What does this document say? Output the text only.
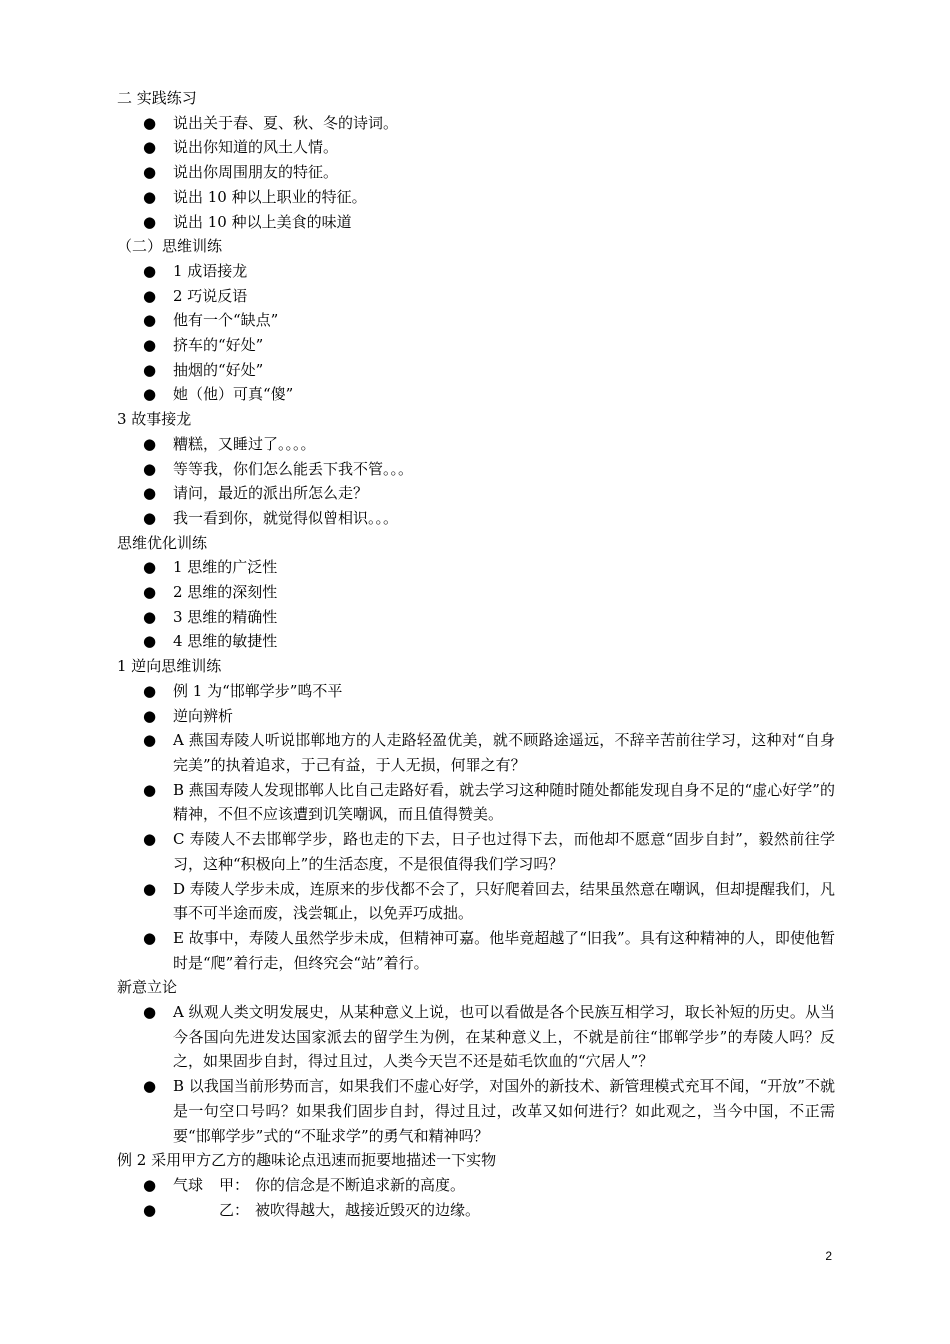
二 实践练习
●	说出关于春、夏、秋、冬的诗词。
●	说出你知道的风土人情。
●	说出你周围朋友的特征。
●	说出 10 种以上职业的特征。
●	说出 10 种以上美食的味道
（二）思维训练
●	1 成语接龙
●	2 巧说反语
●	他有一个“缺点”
●	挤车的“好处”
●	抽烟的“好处”
●	她（他）可真“傻”
3 故事接龙
●	糟糕，又睡过了。。。。
●	等等我，你们怎么能丢下我不管。。。
●	请问，最近的派出所怎么走？
●	我一看到你，就觉得似曾相识。。。
思维优化训练
●	1 思维的广泛性
●	2 思维的深刻性
●	3 思维的精确性
●	4 思维的敏捷性
1 逆向思维训练
●	例 1 为“邯郸学步”鸣不平
●	逆向辨析
●	A 燕国寿陵人听说邯郸地方的人走路轻盈优美，就不顾路途遥远，不辞辛苦前往学习，这种对“自身完美”的执着追求，于己有益，于人无损，何罪之有？
●	B 燕国寿陵人发现邯郸人比自己走路好看，就去学习这种随时随处都能发现自身不足的“虚心好学”的精神，不但不应该遭到讥笑嘲讽，而且值得赞美。
●	C 寿陵人不去邯郸学步，路也走的下去，日子也过得下去，而他却不愿意“固步自封”，毅然前往学习，这种“积极向上”的生活态度，不是很值得我们学习吗？
●	D 寿陵人学步未成，连原来的步伐都不会了，只好爬着回去，结果虽然意在嘲讽，但却提醒我们，凡事不可半途而废，浅尝辄止，以免弄巧成拙。
●	E 故事中，寿陵人虽然学步未成，但精神可嘉。他毕竟超越了“旧我”。具有这种精神的人，即使他暂时是“爬”着行走，但终究会“站”着行。
新意立论
●	A 纵观人类文明发展史，从某种意义上说，也可以看做是各个民族互相学习，取长补短的历史。从当今各国向先进发达国家派去的留学生为例，在某种意义上，不就是前往“邯郸学步”的寿陵人吗？反之，如果固步自封，得过且过，人类今天岂不还是茹毛饮血的“穴居人”？
●	B 以我国当前形势而言，如果我们不虚心好学，对国外的新技术、新管理模式充耳不闻，“开放”不就是一句空口号吗？如果我们固步自封，得过且过，改革又如何进行？如此观之，当今中国，不正需要“邯郸学步”式的“不耻求学”的勇气和精神吗？
例 2 采用甲方乙方的趣味论点迅速而扼要地描述一下实物
●	气球 甲： 你的信念是不断追求新的高度。
●	乙： 被吹得越大，越接近毁灭的边缘。
2
